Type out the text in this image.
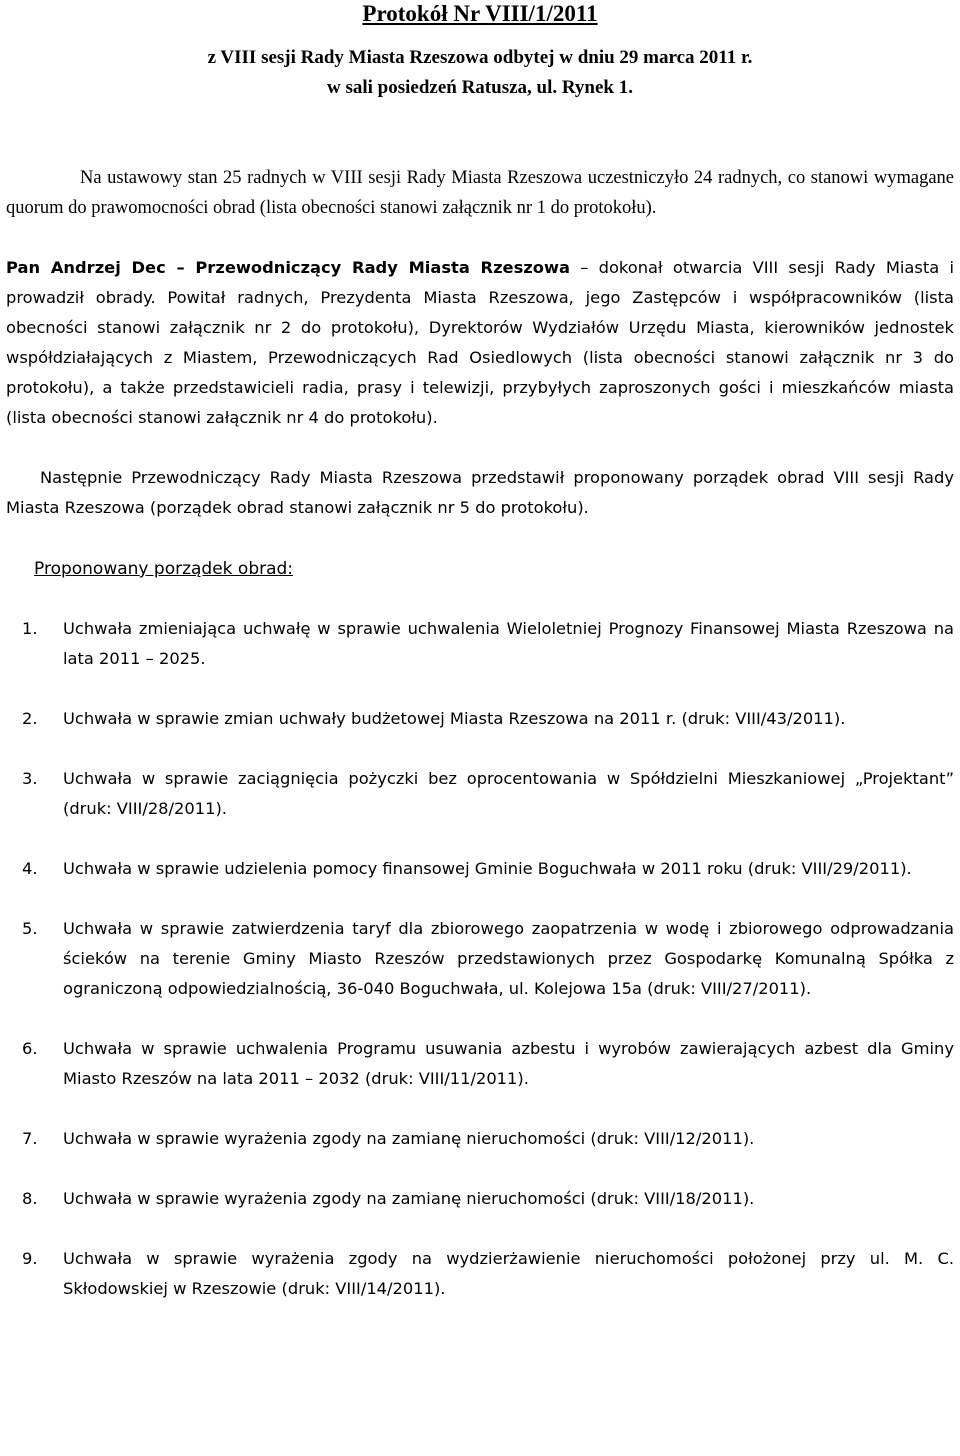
Protokół Nr VIII/1/2011
z VIII sesji Rady Miasta Rzeszowa odbytej w dniu 29 marca 2011 r.
w sali posiedzeń Ratusza, ul. Rynek 1.

Na ustawowy stan 25 radnych w VIII sesji Rady Miasta Rzeszowa uczestniczyło 24 radnych, co stanowi wymagane quorum do prawomocności obrad (lista obecności stanowi załącznik nr 1 do protokołu).

Pan Andrzej Dec – Przewodniczący Rady Miasta Rzeszowa – dokonał otwarcia VIII sesji Rady Miasta i prowadził obrady. Powitał radnych, Prezydenta Miasta Rzeszowa, jego Zastępców i współpracowników (lista obecności stanowi załącznik nr 2 do protokołu), Dyrektorów Wydziałów Urzędu Miasta, kierowników jednostek współdziałających z Miastem, Przewodniczących Rad Osiedlowych (lista obecności stanowi załącznik nr 3 do protokołu), a także przedstawicieli radia, prasy i telewizji, przybyłych zaproszonych gości i mieszkańców miasta (lista obecności stanowi załącznik nr 4 do protokołu).

Następnie Przewodniczący Rady Miasta Rzeszowa przedstawił proponowany porządek obrad VIII sesji Rady Miasta Rzeszowa (porządek obrad stanowi załącznik nr 5 do protokołu).

Proponowany porządek obrad:
1. Uchwała zmieniająca uchwałę w sprawie uchwalenia Wieloletniej Prognozy Finansowej Miasta Rzeszowa na lata 2011 – 2025.
2. Uchwała w sprawie zmian uchwały budżetowej Miasta Rzeszowa na 2011 r. (druk: VIII/43/2011).
3. Uchwała w sprawie zaciągnięcia pożyczki bez oprocentowania w Spółdzielni Mieszkaniowej „Projektant” (druk: VIII/28/2011).
4. Uchwała w sprawie udzielenia pomocy finansowej Gminie Boguchwała w 2011 roku (druk: VIII/29/2011).
5. Uchwała w sprawie zatwierdzenia taryf dla zbiorowego zaopatrzenia w wodę i zbiorowego odprowadzania ścieków na terenie Gminy Miasto Rzeszów przedstawionych przez Gospodarkę Komunalną Spółka z ograniczoną odpowiedzialnością, 36-040 Boguchwała, ul. Kolejowa 15a (druk: VIII/27/2011).
6. Uchwała w sprawie uchwalenia Programu usuwania azbestu i wyrobów zawierających azbest dla Gminy Miasto Rzeszów na lata 2011 – 2032 (druk: VIII/11/2011).
7. Uchwała w sprawie wyrażenia zgody na zamianę nieruchomości (druk: VIII/12/2011).
8. Uchwała w sprawie wyrażenia zgody na zamianę nieruchomości (druk: VIII/18/2011).
9. Uchwała w sprawie wyrażenia zgody na wydzierżawienie nieruchomości położonej przy ul. M. C. Skłodowskiej w Rzeszowie (druk: VIII/14/2011).
